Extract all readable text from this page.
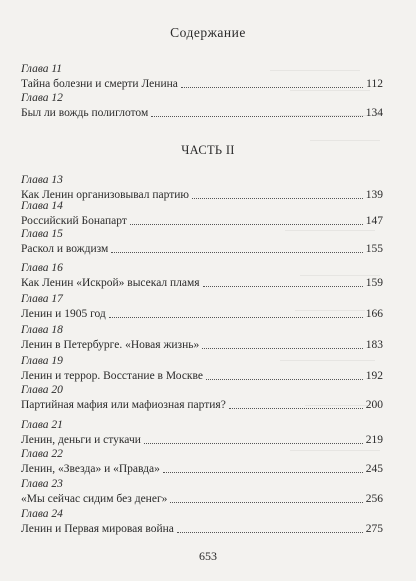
Содержание
Глава 11
Тайна болезни и смерти Ленина	112
Глава 12
Был ли вождь полиглотом	134
ЧАСТЬ II
Глава 13
Как Ленин организовывал партию	139
Глава 14
Российский Бонапарт	147
Глава 15
Раскол и вождизм	155
Глава 16
Как Ленин «Искрой» высекал пламя	159
Глава 17
Ленин и 1905 год	166
Глава 18
Ленин в Петербурге. «Новая жизнь»	183
Глава 19
Ленин и террор. Восстание в Москве	192
Глава 20
Партийная мафия или мафиозная партия?	200
Глава 21
Ленин, деньги и стукачи	219
Глава 22
Ленин, «Звезда» и «Правда»	245
Глава 23
«Мы сейчас сидим без денег»	256
Глава 24
Ленин и Первая мировая война	275
653
